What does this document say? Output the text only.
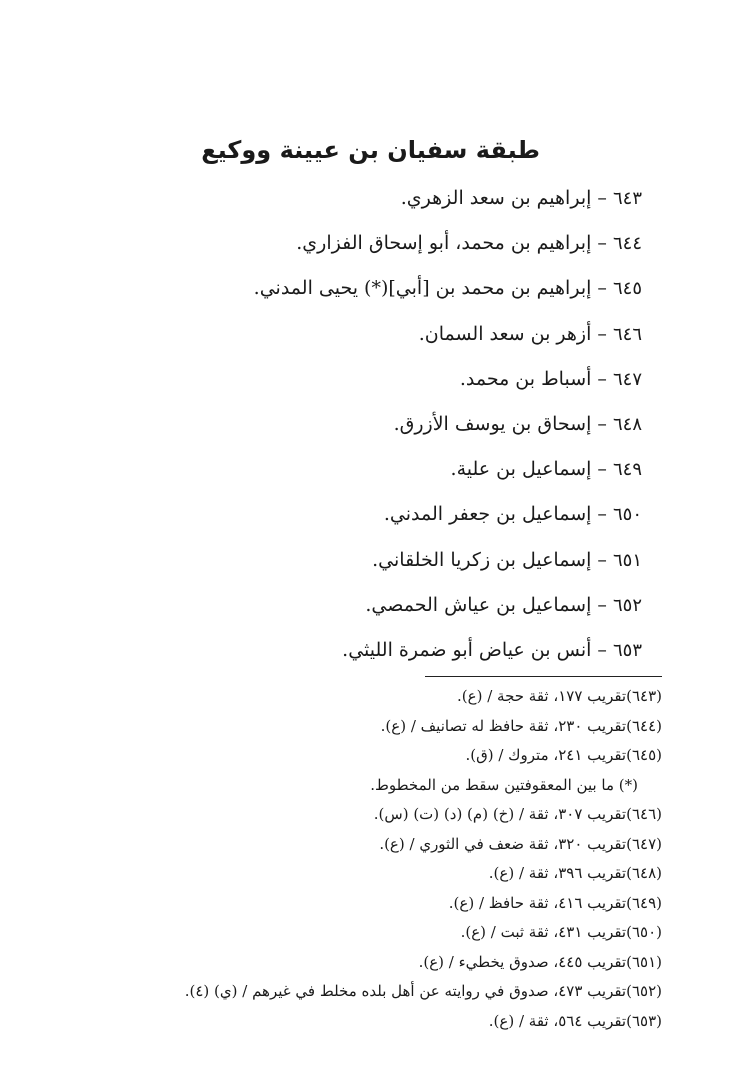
طبقة سفيان بن عيينة ووكيع
٦٤٣ – إبراهيم بن سعد الزهري.
٦٤٤ – إبراهيم بن محمد، أبو إسحاق الفزاري.
٦٤٥ – إبراهيم بن محمد بن [أبي](*) يحيى المدني.
٦٤٦ – أزهر بن سعد السمان.
٦٤٧ – أسباط بن محمد.
٦٤٨ – إسحاق بن يوسف الأزرق.
٦٤٩ – إسماعيل بن علية.
٦٥٠ – إسماعيل بن جعفر المدني.
٦٥١ – إسماعيل بن زكريا الخلقاني.
٦٥٢ – إسماعيل بن عياش الحمصي.
٦٥٣ – أنس بن عياض أبو ضمرة الليثي.
(٦٤٣)تقريب ١٧٧، ثقة حجة / (ع).
(٦٤٤)تقريب ٢٣٠، ثقة حافظ له تصانيف / (ع).
(٦٤٥)تقريب ٢٤١، متروك / (ق).
(*) ما بين المعقوفتين سقط من المخطوط.
(٦٤٦)تقريب ٣٠٧، ثقة / (خ) (م) (د) (ت) (س).
(٦٤٧)تقريب ٣٢٠، ثقة ضعف في الثوري / (ع).
(٦٤٨)تقريب ٣٩٦، ثقة / (ع).
(٦٤٩)تقريب ٤١٦، ثقة حافظ / (ع).
(٦٥٠)تقريب ٤٣١، ثقة ثبت / (ع).
(٦٥١)تقريب ٤٤٥، صدوق يخطيء / (ع).
(٦٥٢)تقريب ٤٧٣، صدوق في روايته عن أهل بلده مخلط في غيرهم / (ي) (٤).
(٦٥٣)تقريب ٥٦٤، ثقة / (ع).
